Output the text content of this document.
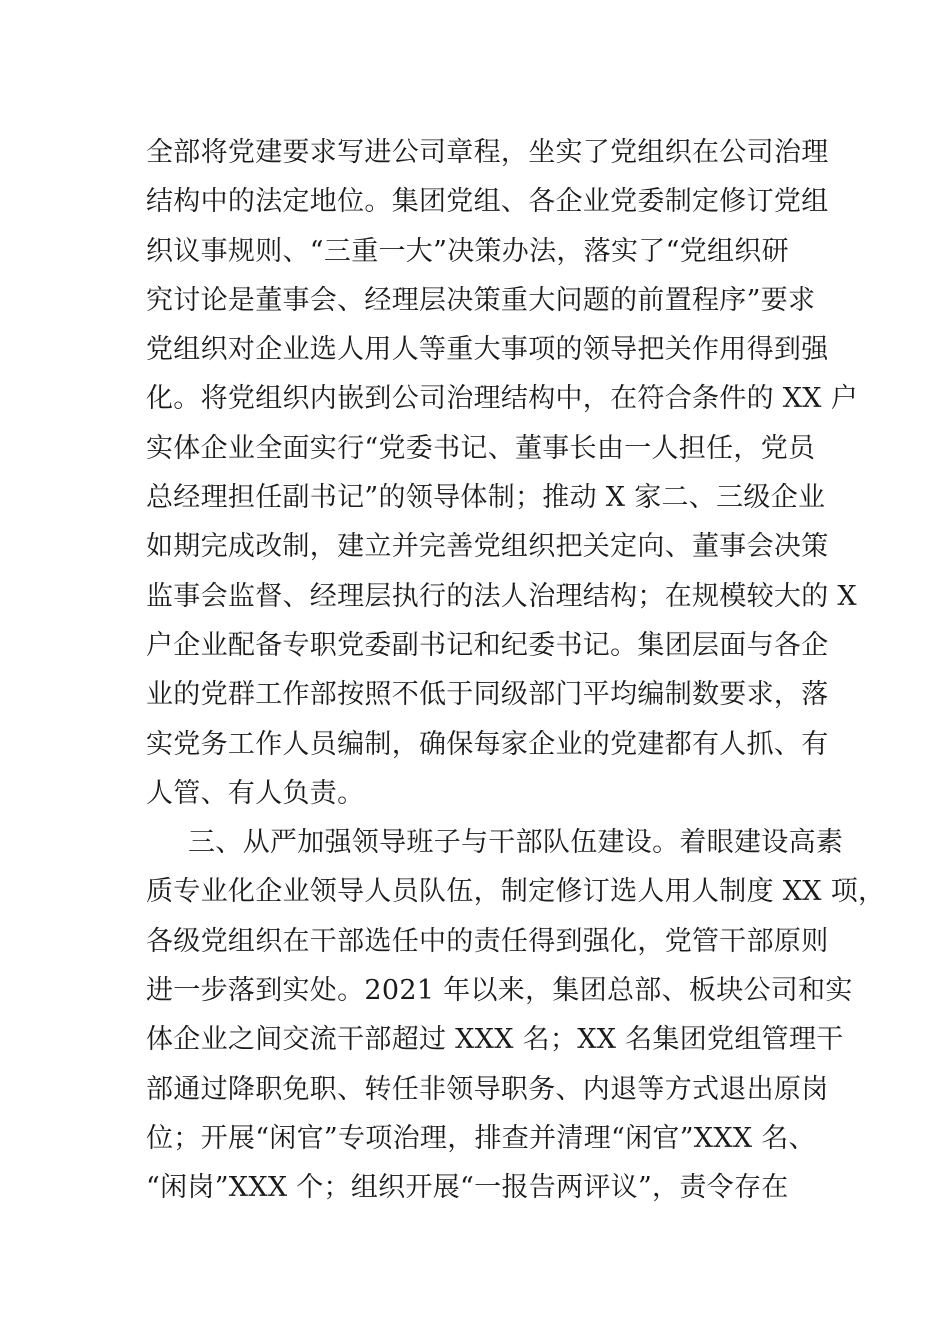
全部将党建要求写进公司章程，坐实了党组织在公司治理
结构中的法定地位。集团党组、各企业党委制定修订党组
织议事规则、“三重一大”决策办法，落实了“党组织研
究讨论是董事会、经理层决策重大问题的前置程序”要求
党组织对企业选人用人等重大事项的领导把关作用得到强
化。将党组织内嵌到公司治理结构中，在符合条件的 XX 户
实体企业全面实行“党委书记、董事长由一人担任，党员
总经理担任副书记”的领导体制；推动 X 家二、三级企业
如期完成改制，建立并完善党组织把关定向、董事会决策
监事会监督、经理层执行的法人治理结构；在规模较大的 X
户企业配备专职党委副书记和纪委书记。集团层面与各企
业的党群工作部按照不低于同级部门平均编制数要求，落
实党务工作人员编制，确保每家企业的党建都有人抓、有
人管、有人负责。
三、从严加强领导班子与干部队伍建设。着眼建设高素
质专业化企业领导人员队伍，制定修订选人用人制度 XX 项，
各级党组织在干部选任中的责任得到强化，党管干部原则
进一步落到实处。2021 年以来，集团总部、板块公司和实
体企业之间交流干部超过 XXX 名；XX 名集团党组管理干
部通过降职免职、转任非领导职务、内退等方式退出原岗
位；开展“闲官”专项治理，排查并清理“闲官”XXX 名、
“闲岗”XXX 个；组织开展“一报告两评议”，责令存在
